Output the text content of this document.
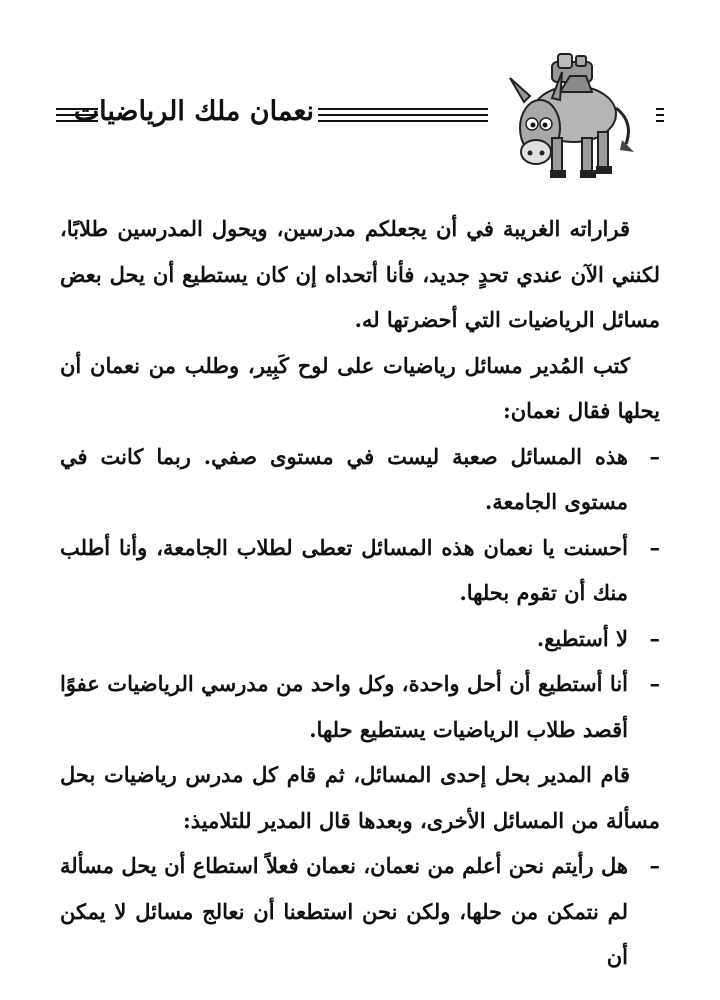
نعمان ملك الرياضيات

قراراته الغريبة في أن يجعلكم مدرسين، ويحول المدرسين طلابًا، لكنني الآن عندي تحدٍ جديد، فأنا أتحداه إن كان يستطيع أن يحل بعض مسائل الرياضيات التي أحضرتها له.

كتب المُدير مسائل رياضيات على لوح كَبِير، وطلب من نعمان أن يحلها فقال نعمان:

–
هذه المسائل صعبة ليست في مستوى صفي. ربما كانت في مستوى الجامعة.

–
أحسنت يا نعمان هذه المسائل تعطى لطلاب الجامعة، وأنا أطلب منك أن تقوم بحلها.

–
لا أستطيع.

–
أنا أستطيع أن أحل واحدة، وكل واحد من مدرسي الرياضيات عفوًا أقصد طلاب الرياضيات يستطيع حلها.

قام المدير بحل إحدى المسائل، ثم قام كل مدرس رياضيات بحل مسألة من المسائل الأخرى، وبعدها قال المدير للتلاميذ:

–
هل رأيتم نحن أعلم من نعمان، نعمان فعلاً استطاع أن يحل مسألة لم نتمكن من حلها، ولكن نحن استطعنا أن نعالج مسائل لا يمكن أن
